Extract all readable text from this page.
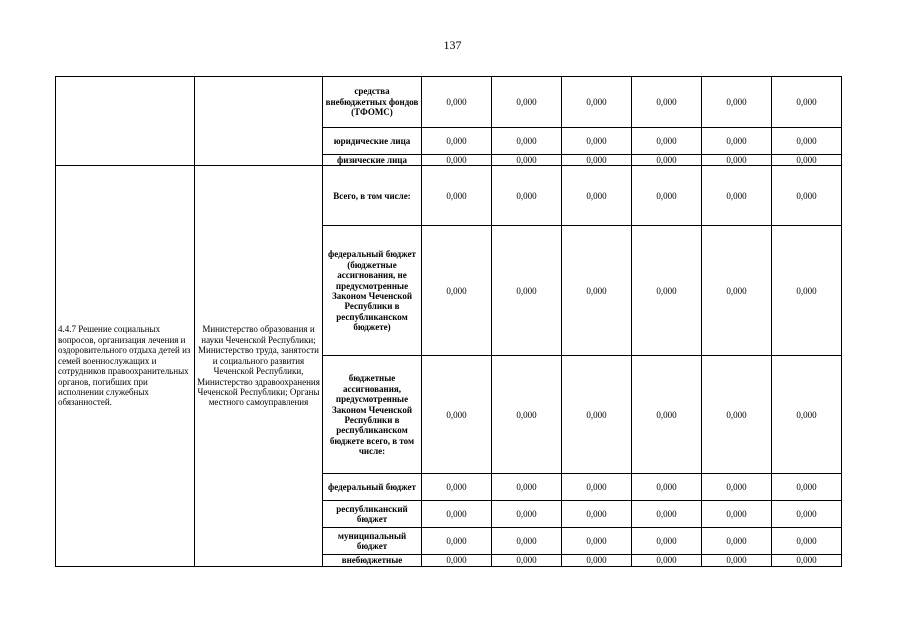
137
		средства внебюджетных фондов (ТФОМС)	0,000	0,000	0,000	0,000	0,000	0,000
		юридические лица	0,000	0,000	0,000	0,000	0,000	0,000
		физические лица	0,000	0,000	0,000	0,000	0,000	0,000
4.4.7 Решение социальных вопросов, организация лечения и оздоровительного отдыха детей из семей военнослужащих и сотрудников правоохранительных органов, погибших при исполнении служебных обязанностей.	Министерство образования и науки Чеченской Республики; Министерство труда, занятости и социального развития Чеченской Республики, Министерство здравоохранения Чеченской Республики; Органы местного самоуправления	Всего, в том числе:	0,000	0,000	0,000	0,000	0,000	0,000
		федеральный бюджет (бюджетные ассигнования, не предусмотренные Законом Чеченской Республики в республиканском бюджете)	0,000	0,000	0,000	0,000	0,000	0,000
		бюджетные ассигнования, предусмотренные Законом Чеченской Республики в республиканском бюджете всего, в том числе:	0,000	0,000	0,000	0,000	0,000	0,000
		федеральный бюджет	0,000	0,000	0,000	0,000	0,000	0,000
		республиканский бюджет	0,000	0,000	0,000	0,000	0,000	0,000
		муниципальный бюджет	0,000	0,000	0,000	0,000	0,000	0,000
		внебюджетные	0,000	0,000	0,000	0,000	0,000	0,000
